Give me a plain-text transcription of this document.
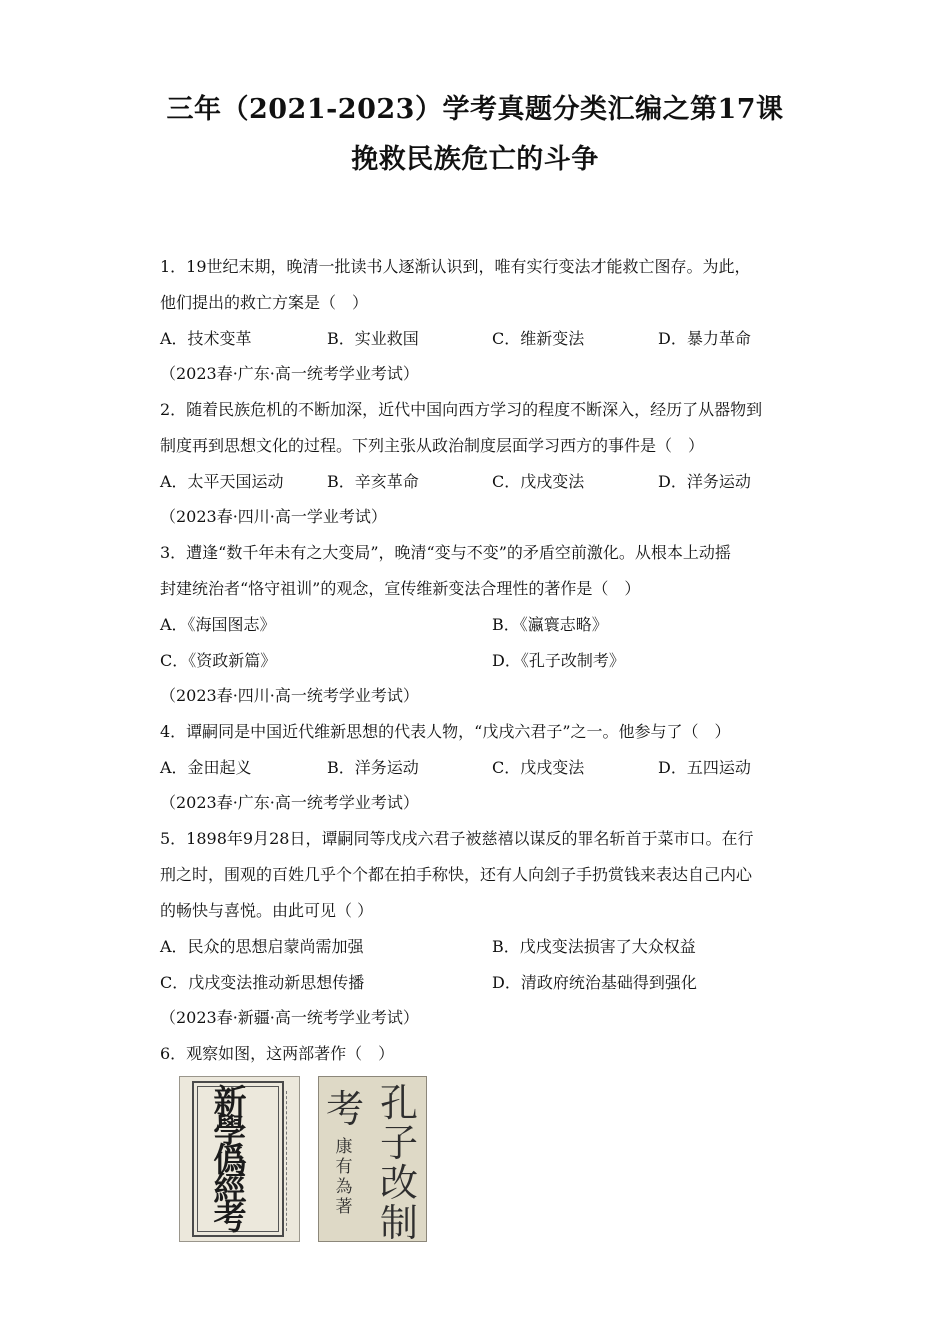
三年（2021-2023）学考真题分类汇编之第17课
挽救民族危亡的斗争
1．19世纪末期，晚清一批读书人逐渐认识到，唯有实行变法才能救亡图存。为此，
他们提出的救亡方案是（　）
A．技术变革	B．实业救国	C．维新变法	D．暴力革命
（2023春·广东·高一统考学业考试）
2．随着民族危机的不断加深，近代中国向西方学习的程度不断深入，经历了从器物到
制度再到思想文化的过程。下列主张从政治制度层面学习西方的事件是（　）
A．太平天国运动	B．辛亥革命	C．戊戌变法	D．洋务运动
（2023春·四川·高一学业考试）
3．遭逢“数千年未有之大变局”，晚清“变与不变”的矛盾空前激化。从根本上动摇
封建统治者“恪守祖训”的观念，宣传维新变法合理性的著作是（　）
A．《海国图志》	B．《瀛寰志略》
C．《资政新篇》	D．《孔子改制考》
（2023春·四川·高一统考学业考试）
4．谭嗣同是中国近代维新思想的代表人物，“戊戌六君子”之一。他参与了（　）
A．金田起义	B．洋务运动	C．戊戌变法	D．五四运动
（2023春·广东·高一统考学业考试）
5．1898年9月28日，谭嗣同等戊戌六君子被慈禧以谋反的罪名斩首于菜市口。在行
刑之时，围观的百姓几乎个个都在拍手称快，还有人向刽子手扔赏钱来表达自己内心
的畅快与喜悦。由此可见（ ）
A．民众的思想启蒙尚需加强	B．戊戌变法损害了大众权益
C．戊戌变法推动新思想传播	D．清政府统治基础得到强化
（2023春·新疆·高一统考学业考试）
6．观察如图，这两部著作（　）
新
學
僞
經
考
考
康
有
為
著
孔
子
改
制
